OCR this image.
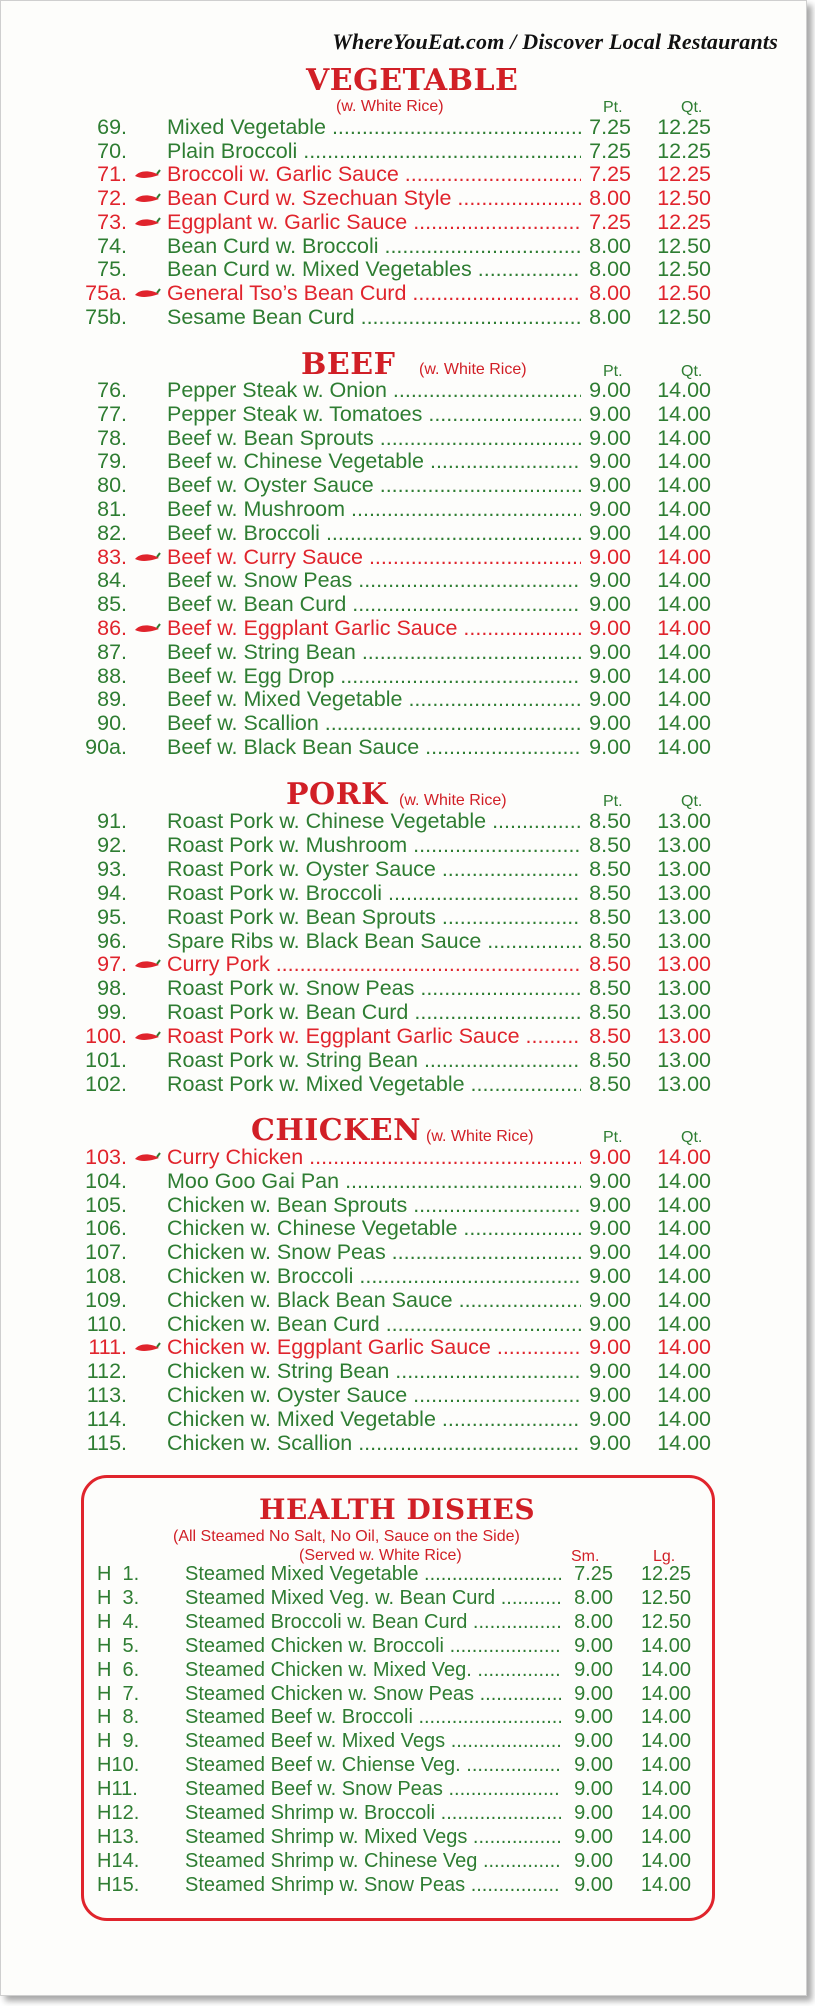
WhereYouEat.com / Discover Local Restaurants
VEGETABLE
(w. White Rice)	Pt.	Qt.
69. Mixed Vegetable .....	7.25	12.25
70. Plain Broccoli .....	7.25	12.25
71. Broccoli w. Garlic Sauce .....	7.25	12.25
72. Bean Curd w. Szechuan Style .....	8.00	12.50
73. Eggplant w. Garlic Sauce .....	7.25	12.25
74. Bean Curd w. Broccoli .....	8.00	12.50
75. Bean Curd w. Mixed Vegetables .....	8.00	12.50
75a. General Tso’s Bean Curd .....	8.00	12.50
75b. Sesame Bean Curd .....	8.00	12.50
BEEF (w. White Rice)	Pt.	Qt.
76. Pepper Steak w. Onion .....	9.00	14.00
77. Pepper Steak w. Tomatoes .....	9.00	14.00
78. Beef w. Bean Sprouts .....	9.00	14.00
79. Beef w. Chinese Vegetable .....	9.00	14.00
80. Beef w. Oyster Sauce .....	9.00	14.00
81. Beef w. Mushroom .....	9.00	14.00
82. Beef w. Broccoli .....	9.00	14.00
83. Beef w. Curry Sauce .....	9.00	14.00
84. Beef w. Snow Peas .....	9.00	14.00
85. Beef w. Bean Curd .....	9.00	14.00
86. Beef w. Eggplant Garlic Sauce .....	9.00	14.00
87. Beef w. String Bean .....	9.00	14.00
88. Beef w. Egg Drop .....	9.00	14.00
89. Beef w. Mixed Vegetable .....	9.00	14.00
90. Beef w. Scallion .....	9.00	14.00
90a. Beef w. Black Bean Sauce .....	9.00	14.00
PORK (w. White Rice)	Pt.	Qt.
91. Roast Pork w. Chinese Vegetable .....	8.50	13.00
92. Roast Pork w. Mushroom .....	8.50	13.00
93. Roast Pork w. Oyster Sauce .....	8.50	13.00
94. Roast Pork w. Broccoli .....	8.50	13.00
95. Roast Pork w. Bean Sprouts .....	8.50	13.00
96. Spare Ribs w. Black Bean Sauce .....	8.50	13.00
97. Curry Pork .....	8.50	13.00
98. Roast Pork w. Snow Peas .....	8.50	13.00
99. Roast Pork w. Bean Curd .....	8.50	13.00
100. Roast Pork w. Eggplant Garlic Sauce .....	8.50	13.00
101. Roast Pork w. String Bean .....	8.50	13.00
102. Roast Pork w. Mixed Vegetable .....	8.50	13.00
CHICKEN (w. White Rice)	Pt.	Qt.
103. Curry Chicken .....	9.00	14.00
104. Moo Goo Gai Pan .....	9.00	14.00
105. Chicken w. Bean Sprouts .....	9.00	14.00
106. Chicken w. Chinese Vegetable .....	9.00	14.00
107. Chicken w. Snow Peas .....	9.00	14.00
108. Chicken w. Broccoli .....	9.00	14.00
109. Chicken w. Black Bean Sauce .....	9.00	14.00
110. Chicken w. Bean Curd .....	9.00	14.00
111. Chicken w. Eggplant Garlic Sauce .....	9.00	14.00
112. Chicken w. String Bean .....	9.00	14.00
113. Chicken w. Oyster Sauce .....	9.00	14.00
114. Chicken w. Mixed Vegetable .....	9.00	14.00
115. Chicken w. Scallion .....	9.00	14.00
HEALTH DISHES
(All Steamed No Salt, No Oil, Sauce on the Side)
(Served w. White Rice)	Sm.	Lg.
H  1.	Steamed Mixed Vegetable .....	7.25	12.25
H  3.	Steamed Mixed Veg. w. Bean Curd .....	8.00	12.50
H  4.	Steamed Broccoli w. Bean Curd .....	8.00	12.50
H  5.	Steamed Chicken w. Broccoli .....	9.00	14.00
H  6.	Steamed Chicken w. Mixed Veg. .....	9.00	14.00
H  7.	Steamed Chicken w. Snow Peas .....	9.00	14.00
H  8.	Steamed Beef w. Broccoli .....	9.00	14.00
H  9.	Steamed Beef w. Mixed Vegs .....	9.00	14.00
H10.	Steamed Beef w. Chiense Veg. .....	9.00	14.00
H11.	Steamed Beef w. Snow Peas .....	9.00	14.00
H12.	Steamed Shrimp w. Broccoli .....	9.00	14.00
H13.	Steamed Shrimp w. Mixed Vegs .....	9.00	14.00
H14.	Steamed Shrimp w. Chinese Veg .....	9.00	14.00
H15.	Steamed Shrimp w. Snow Peas .....	9.00	14.00
